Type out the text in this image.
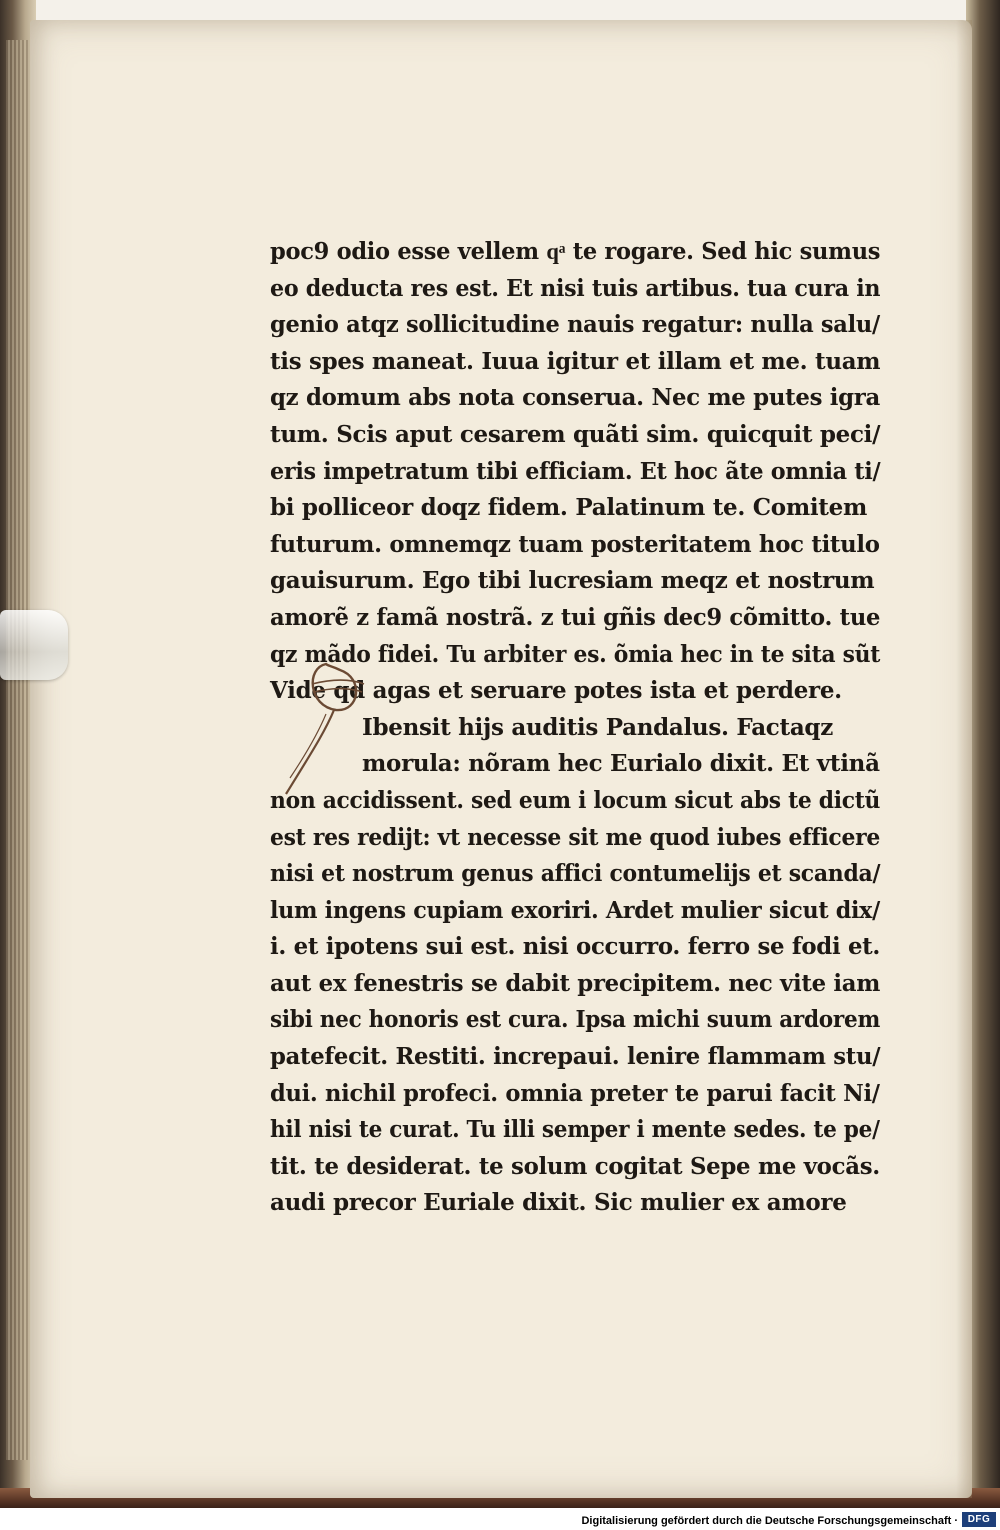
poc9 odio esse vellem qͣ te rogare. Sed hic sumus
eo deducta res est. Et nisi tuis artibus. tua cura in
genio atqz sollicitudine nauis regatur: nulla salu/
tis spes maneat. Iuua igitur et illam et me. tuam
qz domum abs nota conserua. Nec me putes igra
tum. Scis aput cesarem quãti sim. quicquit peci/
eris impetratum tibi efficiam. Et hoc ãte omnia ti/
bi polliceor doqz fidem. Palatinum te. Comitem
futurum. omnemqz tuam posteritatem hoc titulo
gauisurum. Ego tibi lucresiam meqz et nostrum
amorẽ z famã nostrã. z tui gñis dec9 cõmitto. tue
qz mãdo fidei. Tu arbiter es. õmia hec in te sita sũt
Vide qd agas et seruare potes ista et perdere.
Ibensit hijs auditis Pandalus. Factaqz
morula: nõram hec Eurialo dixit. Et vtinã
non accidissent. sed eum i locum sicut abs te dictũ
est res redijt: vt necesse sit me quod iubes efficere
nisi et nostrum genus affici contumelijs et scanda/
lum ingens cupiam exoriri. Ardet mulier sicut dix/
i. et ipotens sui est. nisi occurro. ferro se fodi et.
aut ex fenestris se dabit precipitem. nec vite iam
sibi nec honoris est cura. Ipsa michi suum ardorem
patefecit. Restiti. increpaui. lenire flammam stu/
dui. nichil profeci. omnia preter te parui facit Ni/
hil nisi te curat. Tu illi semper i mente sedes. te pe/
tit. te desiderat. te solum cogitat Sepe me vocãs.
audi precor Euriale dixit. Sic mulier ex amore
Digitalisierung gefördert durch die Deutsche Forschungsgemeinschaft · DFG
